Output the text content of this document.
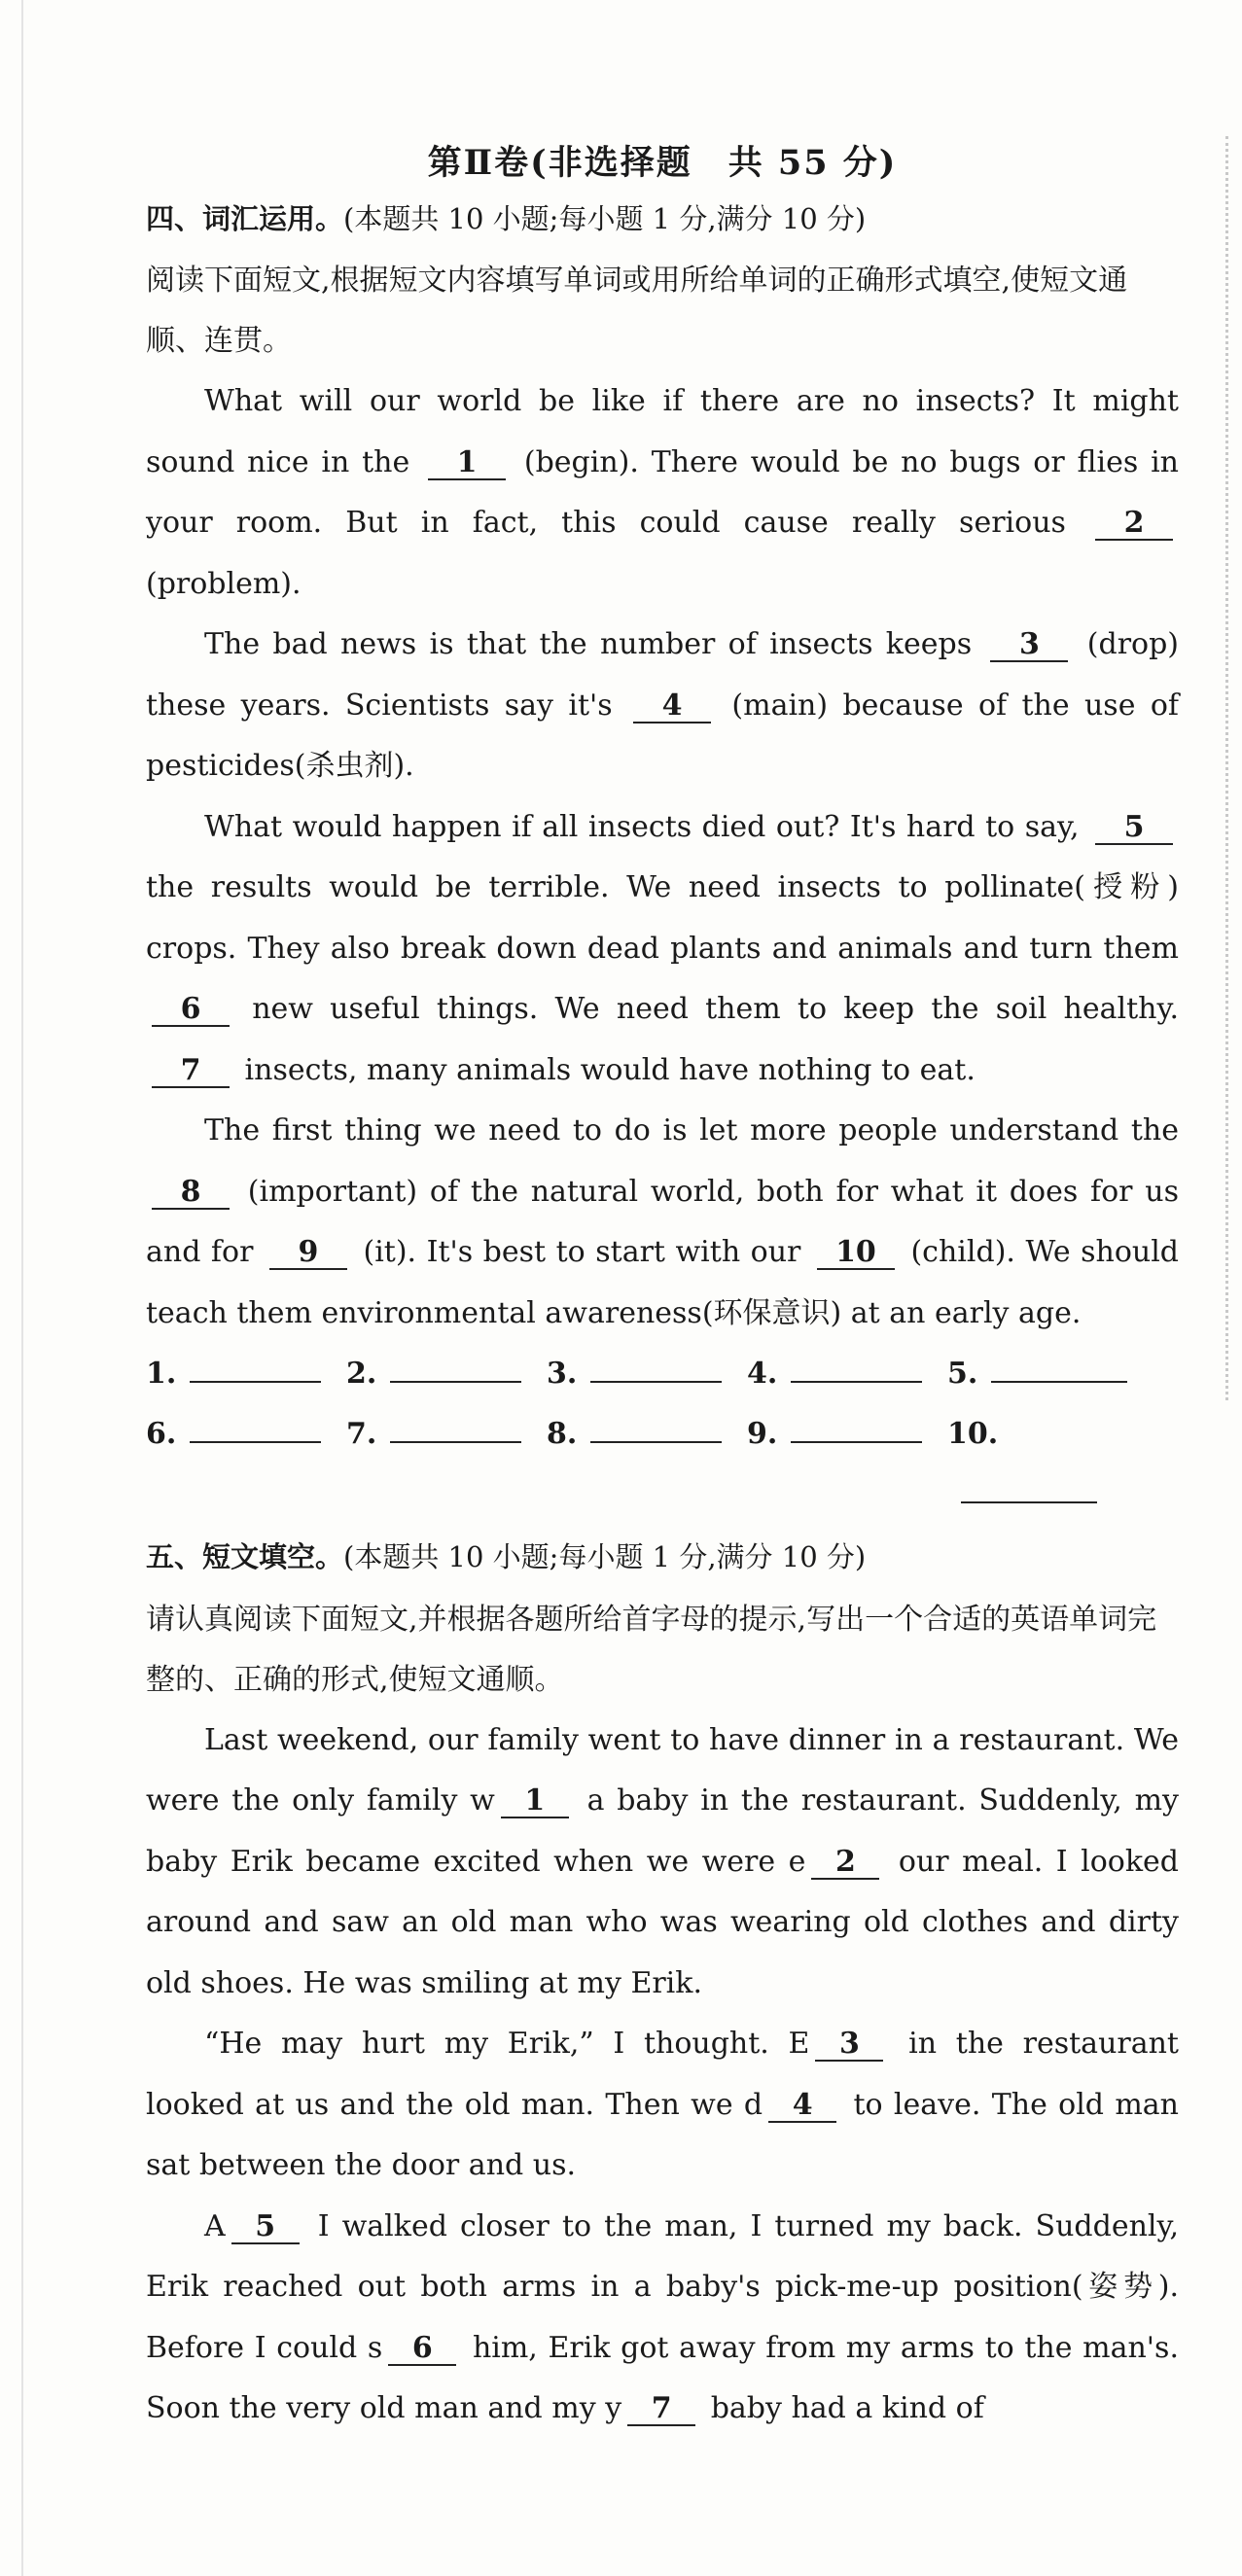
第Ⅱ卷(非选择题　共 55 分)
四、词汇运用。(本题共 10 小题;每小题 1 分,满分 10 分)

阅读下面短文,根据短文内容填写单词或用所给单词的正确形式填空,使短文通顺、连贯。

What will our world be like if there are no insects? It might sound nice in the 1 (begin). There would be no bugs or flies in your room. But in fact, this could cause really serious 2 (problem).

The bad news is that the number of insects keeps 3 (drop) these years. Scientists say it's 4 (main) because of the use of pesticides(杀虫剂).

What would happen if all insects died out? It's hard to say, 5 the results would be terrible. We need insects to pollinate(授粉) crops. They also break down dead plants and animals and turn them 6 new useful things. We need them to keep the soil healthy. 7 insects, many animals would have nothing to eat.

The first thing we need to do is let more people understand the 8 (important) of the natural world, both for what it does for us and for 9 (it). It's best to start with our 10 (child). We should teach them environmental awareness(环保意识) at an early age.

1.	2.	3.	4.	5.
6.	7.	8.	9.	10.
五、短文填空。(本题共 10 小题;每小题 1 分,满分 10 分)

请认真阅读下面短文,并根据各题所给首字母的提示,写出一个合适的英语单词完整的、正确的形式,使短文通顺。

Last weekend, our family went to have dinner in a restaurant. We were the only family w 1 a baby in the restaurant. Suddenly, my baby Erik became excited when we were e 2 our meal. I looked around and saw an old man who was wearing old clothes and dirty old shoes. He was smiling at my Erik.

“He may hurt my Erik,” I thought. E 3 in the restaurant looked at us and the old man. Then we d 4 to leave. The old man sat between the door and us.

A 5 I walked closer to the man, I turned my back. Suddenly, Erik reached out both arms in a baby's pick-me-up position(姿势). Before I could s 6 him, Erik got away from my arms to the man's. Soon the very old man and my y 7 baby had a kind of
